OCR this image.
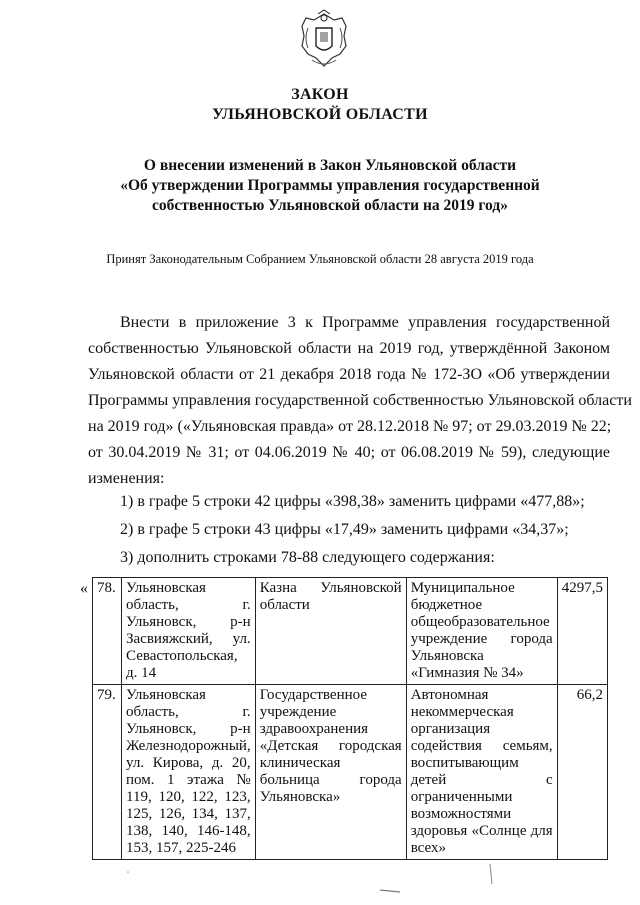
ЗАКОН
УЛЬЯНОВСКОЙ ОБЛАСТИ
О внесении изменений в Закон Ульяновской области
«Об утверждении Программы управления государственной
собственностью Ульяновской области на 2019 год»
Принят Законодательным Собранием Ульяновской области 28 августа 2019 года
Внести в приложение 3 к Программе управления государственной
собственностью Ульяновской области на 2019 год, утверждённой Законом
Ульяновской области от 21 декабря 2018 года № 172-ЗО «Об утверждении
Программы управления государственной собственностью Ульяновской области
на 2019 год» («Ульяновская правда» от 28.12.2018 № 97; от 29.03.2019 № 22;
от 30.04.2019 № 31; от 04.06.2019 № 40; от 06.08.2019 № 59), следующие
изменения:
1) в графе 5 строки 42 цифры «398,38» заменить цифрами «477,88»;
2) в графе 5 строки 43 цифры «17,49» заменить цифрами «34,37»;
3) дополнить строками 78-88 следующего содержания:
« 78.	Ульяновская область, г. Ульяновск, р-н Засвияжский, ул. Севастопольская, д. 14	Казна Ульяновской области	Муниципальное бюджетное общеобразовательное учреждение города Ульяновска «Гимназия № 34»	4297,5
79.	Ульяновская область, г. Ульяновск, р-н Железнодорожный, ул. Кирова, д. 20, пом. 1 этажа № 119, 120, 122, 123, 125, 126, 134, 137, 138, 140, 146-148, 153, 157, 225-246	Государственное учреждение здравоохранения «Детская городская клиническая больница города Ульяновска»	Автономная некоммерческая организация содействия семьям, воспитывающим детей с ограниченными возможностями здоровья «Солнце для всех»	66,2
